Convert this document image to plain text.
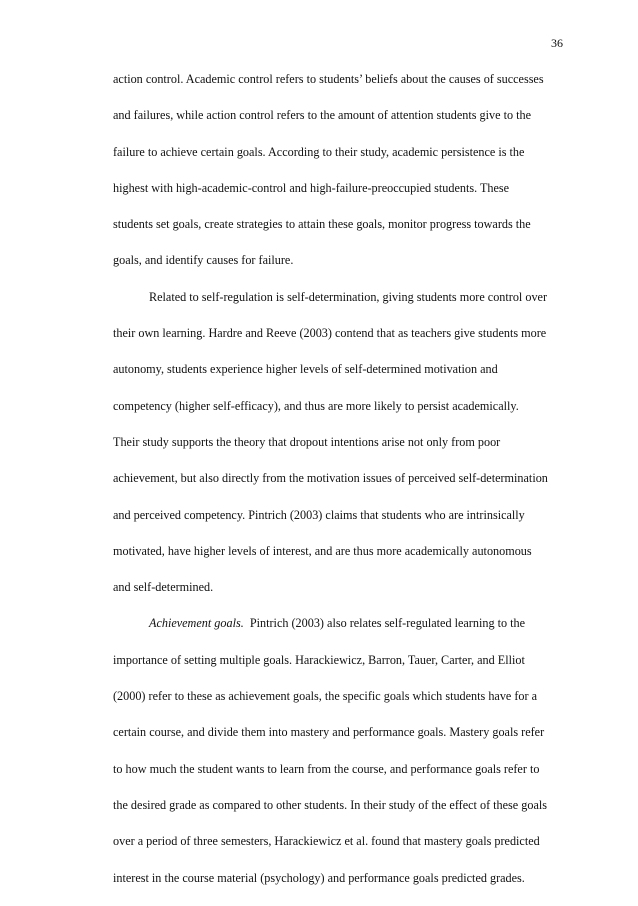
36
action control. Academic control refers to students’ beliefs about the causes of successes
and failures, while action control refers to the amount of attention students give to the
failure to achieve certain goals. According to their study, academic persistence is the
highest with high-academic-control and high-failure-preoccupied students. These
students set goals, create strategies to attain these goals, monitor progress towards the
goals, and identify causes for failure.
Related to self-regulation is self-determination, giving students more control over
their own learning. Hardre and Reeve (2003) contend that as teachers give students more
autonomy, students experience higher levels of self-determined motivation and
competency (higher self-efficacy), and thus are more likely to persist academically.
Their study supports the theory that dropout intentions arise not only from poor
achievement, but also directly from the motivation issues of perceived self-determination
and perceived competency. Pintrich (2003) claims that students who are intrinsically
motivated, have higher levels of interest, and are thus more academically autonomous
and self-determined.
Achievement goals.  Pintrich (2003) also relates self-regulated learning to the
importance of setting multiple goals. Harackiewicz, Barron, Tauer, Carter, and Elliot
(2000) refer to these as achievement goals, the specific goals which students have for a
certain course, and divide them into mastery and performance goals. Mastery goals refer
to how much the student wants to learn from the course, and performance goals refer to
the desired grade as compared to other students. In their study of the effect of these goals
over a period of three semesters, Harackiewicz et al. found that mastery goals predicted
interest in the course material (psychology) and performance goals predicted grades.
